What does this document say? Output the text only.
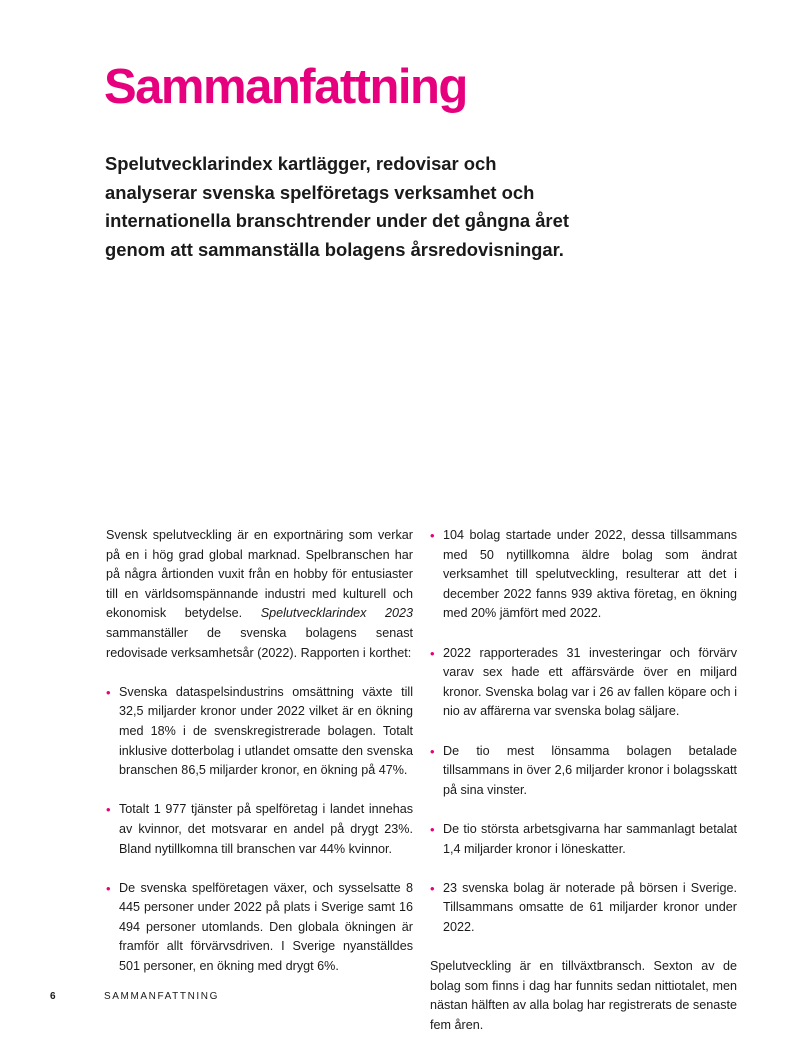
Sammanfattning

Spelutvecklarindex kartlägger, redovisar och analyserar svenska spelföretags verksamhet och internationella branschtrender under det gångna året genom att sammanställa bolagens årsredovisningar.

Svensk spelutveckling är en exportnäring som verkar på en i hög grad global marknad. Spelbranschen har på några årtionden vuxit från en hobby för entusiaster till en världsomspännande industri med kulturell och ekonomisk betydelse. Spelutvecklarindex 2023 sammanställer de svenska bolagens senast redovisade verksamhetsår (2022). Rapporten i korthet:

• Svenska dataspelsindustrins omsättning växte till 32,5 miljarder kronor under 2022 vilket är en ökning med 18% i de svenskregistrerade bolagen. Totalt inklusive dotterbolag i utlandet omsatte den svenska branschen 86,5 miljarder kronor, en ökning på 47%.
• Totalt 1 977 tjänster på spelföretag i landet innehas av kvinnor, det motsvarar en andel på drygt 23%. Bland nytillkomna till branschen var 44% kvinnor.
• De svenska spelföretagen växer, och sysselsatte 8 445 personer under 2022 på plats i Sverige samt 16 494 personer utomlands. Den globala ökningen är framför allt förvärvsdriven. I Sverige nyanställdes 501 personer, en ökning med drygt 6%.
• 104 bolag startade under 2022, dessa tillsammans med 50 nytillkomna äldre bolag som ändrat verksamhet till spelutveckling, resulterar att det i december 2022 fanns 939 aktiva företag, en ökning med 20% jämfört med 2022.
• 2022 rapporterades 31 investeringar och förvärv varav sex hade ett affärsvärde över en miljard kronor. Svenska bolag var i 26 av fallen köpare och i nio av affärerna var svenska bolag säljare.
• De tio mest lönsamma bolagen betalade tillsammans in över 2,6 miljarder kronor i bolagsskatt på sina vinster.
• De tio största arbetsgivarna har sammanlagt betalat 1,4 miljarder kronor i löneskatter.
• 23 svenska bolag är noterade på börsen i Sverige. Tillsammans omsatte de 61 miljarder kronor under 2022.

Spelutveckling är en tillväxtbransch. Sexton av de bolag som finns i dag har funnits sedan nittiotalet, men nästan hälften av alla bolag har registrerats de senaste fem åren.

6	SAMMANFATTNING
